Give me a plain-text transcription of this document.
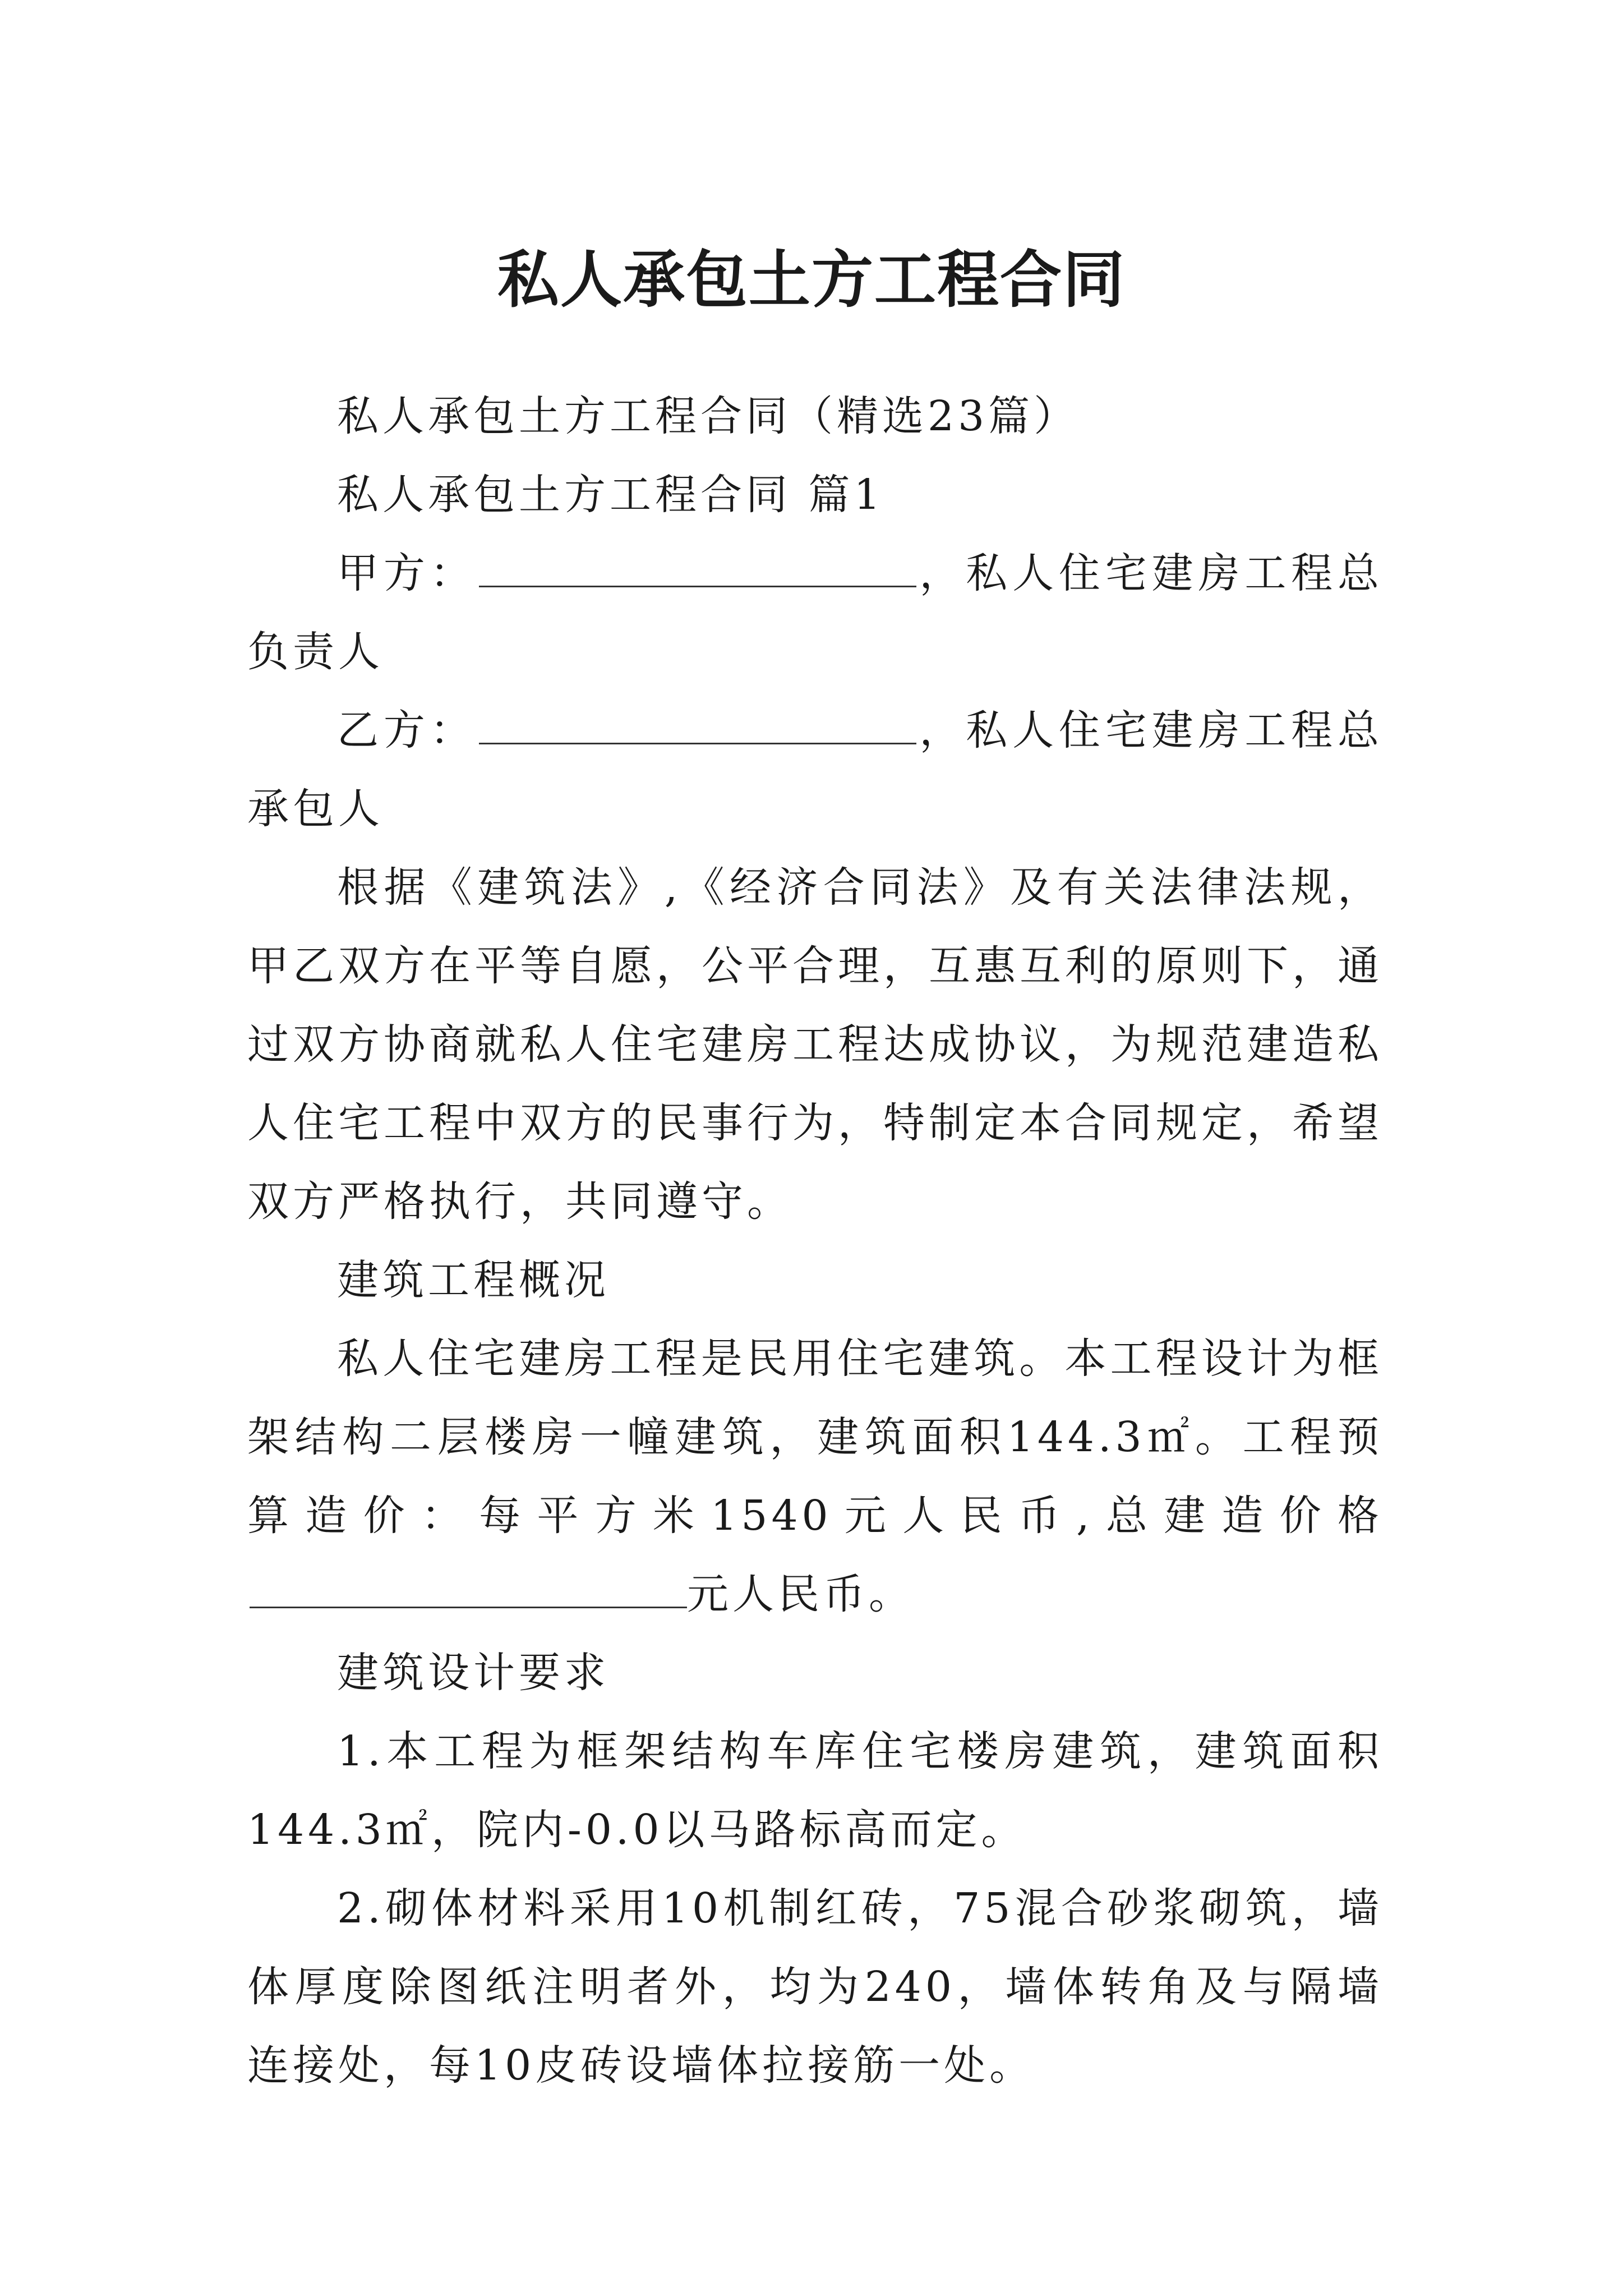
私人承包土方工程合同

私人承包土方工程合同（精选23篇）

私人承包土方工程合同 篇1

甲方：	，私人住宅建房工程总负责人

乙方：	，私人住宅建房工程总承包人

根据《建筑法》,《经济合同法》及有关法律法规，甲乙双方在平等自愿，公平合理，互惠互利的原则下，通过双方协商就私人住宅建房工程达成协议，为规范建造私人住宅工程中双方的民事行为，特制定本合同规定，希望双方严格执行，共同遵守。

建筑工程概况

私人住宅建房工程是民用住宅建筑。本工程设计为框架结构二层楼房一幢建筑，建筑面积144.3㎡。工程预算造价：每平方米1540元人民币,总建造价格元人民币。

建筑设计要求

1.本工程为框架结构车库住宅楼房建筑，建筑面积144.3㎡，院内-0.0以马路标高而定。

2.砌体材料采用10机制红砖，75混合砂浆砌筑，墙体厚度除图纸注明者外，均为240，墙体转角及与隔墙连接处，每10皮砖设墙体拉接筋一处。
